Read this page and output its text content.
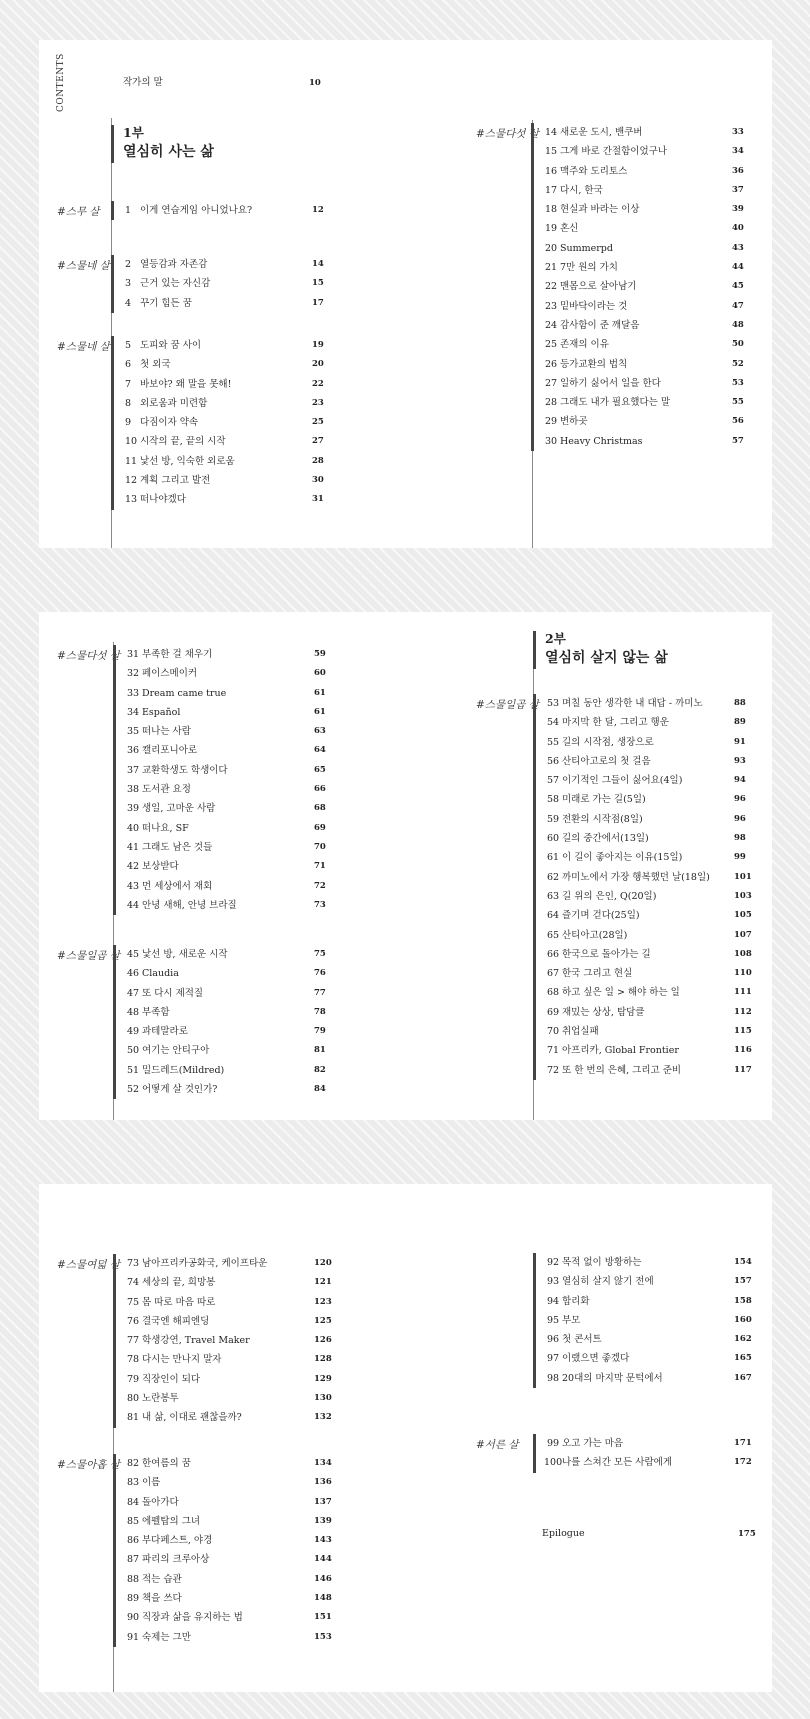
CONTENTS	작가의 말	10
1부
열심히 사는 삶
#스무 살	1 이게 연습게임 아니었나요?	12
#스물네 살 2 열등감과 자존감	14
3 근거 있는 자신감	15
4 꾸기 힘든 꿈	17
#스물네 살 5 도피와 꿈 사이	19
6 첫 외국	20
7 바보야? 왜 말을 못해!	22
8 외로움과 미련함	23
9 다짐이자 약속	25
10 시작의 끝, 끝의 시작	27
11 낯선 방, 익숙한 외로움	28
12 계획 그리고 발전	30
13 떠나야겠다	31
#스물다섯 살 14 새로운 도시, 밴쿠버	33
15 그게 바로 간절함이었구나	34
16 맥주와 도리토스	36
17 다시, 한국	37
18 현실과 바라는 이상	39
19 혼신	40
20 Summerpd	43
21 7만 원의 가치	44
22 맨몸으로 살아남기	45
23 밑바닥이라는 것	47
24 감사함이 준 깨달음	48
25 존재의 이유	50
26 등가교환의 법칙	52
27 일하기 싫어서 일을 한다	53
28 그래도 내가 필요했다는 말	55
29 변하곳	56
30 Heavy Christmas	57
#스물다섯 살 31 부족한 걸 채우기	59
32 페이스메이커	60
33 Dream came true	61
34 Español	61
35 떠나는 사람	63
36 캘리포니아로	64
37 교환학생도 학생이다	65
38 도서관 요정	66
39 생일, 고마운 사람	68
40 떠나요, SF	69
41 그래도 남은 것들	70
42 보상받다	71
43 먼 세상에서 재회	72
44 안녕 새해, 안녕 브라질	73
#스물일곱 살 45 낯선 방, 새로운 시작	75
46 Claudia	76
47 또 다시 제적질	77
48 부족함	78
49 과테말라로	79
50 여기는 안티구아	81
51 밀드레드(Mildred)	82
52 어떻게 살 것인가?	84
2부
열심히 살지 않는 삶
#스물일곱 살 53 며칠 동안 생각한 내 대답 - 까미노	88
54 마지막 한 달, 그리고 행운	89
55 길의 시작점, 생장으로	91
56 산티아고로의 첫 걸음	93
57 이기적인 그들이 싫어요(4일)	94
58 미래로 가는 길(5일)	96
59 전환의 시작점(8일)	96
60 길의 중간에서(13일)	98
61 이 길이 좋아지는 이유(15일)	99
62 까미노에서 가장 행복했던 날(18일)	101
63 길 위의 은인, Q(20일)	103
64 즐기며 걷다(25일)	105
65 산티아고(28일)	107
66 한국으로 돌아가는 길	108
67 한국 그리고 현실	110
68 하고 싶은 일 > 해야 하는 일	111
69 재밌는 상상, 탐담클	112
70 취업실패	115
71 아프리카, Global Frontier	116
72 또 한 번의 은혜, 그리고 준비	117
#스물여덟 살 73 남아프리카공화국, 케이프타운	120
74 세상의 끝, 희망봉	121
75 몸 따로 마음 따로	123
76 결국엔 해피엔딩	125
77 학생강연, Travel Maker	126
78 다시는 만나지 말자	128
79 직장인이 되다	129
80 노란봉투	130
81 내 삶, 이대로 괜찮을까?	132
#스물아홉 살 82 한여름의 꿈	134
83 이름	136
84 돌아가다	137
85 에펠탑의 그녀	139
86 부다페스트, 야경	143
87 파리의 크루아상	144
88 적는 습관	146
89 책을 쓰다	148
90 직장과 삶을 유지하는 법	151
91 숙제는 그만	153
92 목적 없이 방황하는	154
93 열심히 살지 않기 전에	157
94 합리화	158
95 부모	160
96 첫 콘서트	162
97 이랬으면 좋겠다	165
98 20대의 마지막 문턱에서	167
#서른 살	99 오고 가는 마음	171
100 나를 스쳐간 모든 사람에게	172
Epilogue	175
